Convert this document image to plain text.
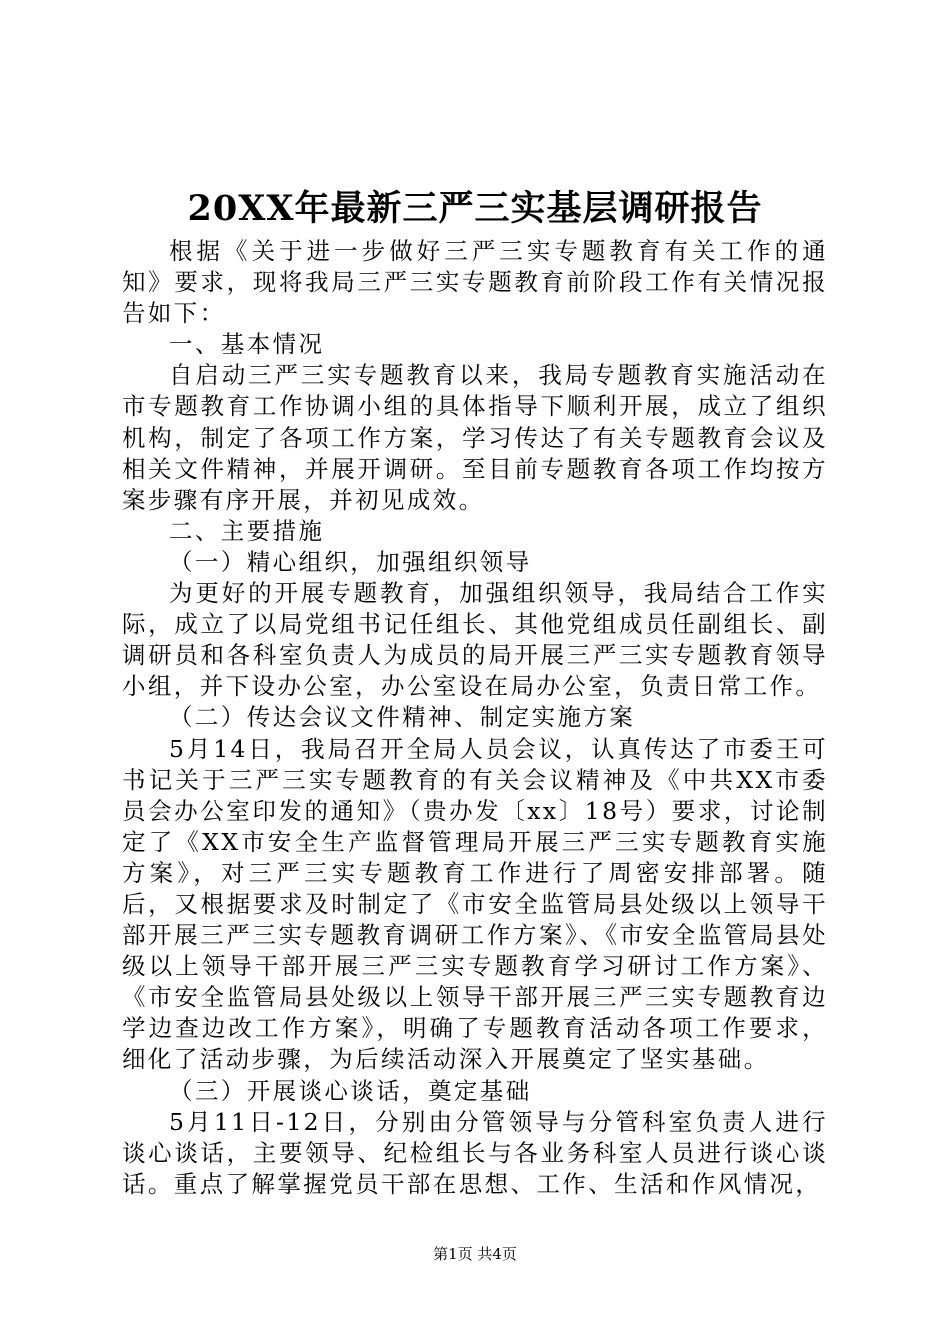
20XX年最新三严三实基层调研报告

根据《关于进一步做好三严三实专题教育有关工作的通知》要求，现将我局三严三实专题教育前阶段工作有关情况报告如下：

一、基本情况

自启动三严三实专题教育以来，我局专题教育实施活动在市专题教育工作协调小组的具体指导下顺利开展，成立了组织机构，制定了各项工作方案，学习传达了有关专题教育会议及相关文件精神，并展开调研。至目前专题教育各项工作均按方案步骤有序开展，并初见成效。

二、主要措施

（一）精心组织，加强组织领导

为更好的开展专题教育，加强组织领导，我局结合工作实际，成立了以局党组书记任组长、其他党组成员任副组长、副调研员和各科室负责人为成员的局开展三严三实专题教育领导小组，并下设办公室，办公室设在局办公室，负责日常工作。

（二）传达会议文件精神、制定实施方案

5月14日，我局召开全局人员会议，认真传达了市委王可书记关于三严三实专题教育的有关会议精神及《中共XX市委员会办公室印发的通知》（贵办发〔xx〕18号）要求，讨论制定了《XX市安全生产监督管理局开展三严三实专题教育实施方案》，对三严三实专题教育工作进行了周密安排部署。随后，又根据要求及时制定了《市安全监管局县处级以上领导干部开展三严三实专题教育调研工作方案》、《市安全监管局县处级以上领导干部开展三严三实专题教育学习研讨工作方案》、《市安全监管局县处级以上领导干部开展三严三实专题教育边学边查边改工作方案》，明确了专题教育活动各项工作要求，细化了活动步骤，为后续活动深入开展奠定了坚实基础。

（三）开展谈心谈话，奠定基础

5月11日-12日，分别由分管领导与分管科室负责人进行谈心谈话，主要领导、纪检组长与各业务科室人员进行谈心谈话。重点了解掌握党员干部在思想、工作、生活和作风情况，

第1页 共4页
